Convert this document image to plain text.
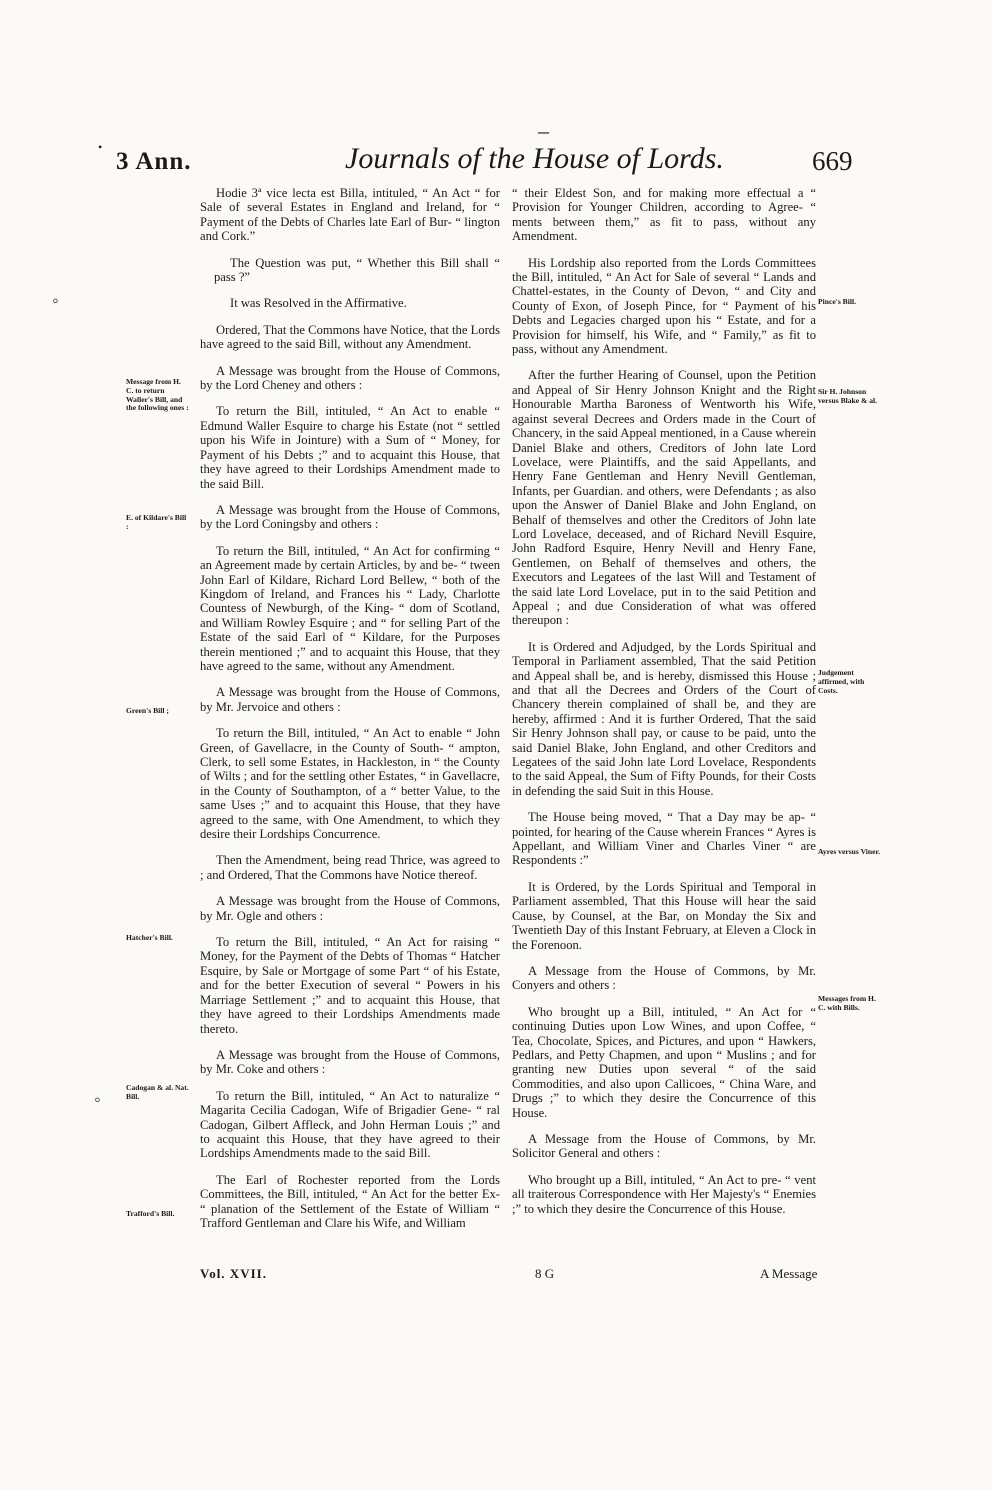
–
•
3 Ann.	Journals of the House of Lords.	669

Hodie 3ª vice lecta est Billa, intituled, “ An Act “ for Sale of several Estates in England and Ireland, for “ Payment of the Debts of Charles late Earl of Bur- “ lington and Cork.”

The Question was put, “ Whether this Bill shall “ pass ?”

It was Resolved in the Affirmative.

Ordered, That the Commons have Notice, that the Lords have agreed to the said Bill, without any Amendment.

A Message was brought from the House of Commons, by the Lord Cheney and others :

To return the Bill, intituled, “ An Act to enable “ Edmund Waller Esquire to charge his Estate (not “ settled upon his Wife in Jointure) with a Sum of “ Money, for Payment of his Debts ;” and to acquaint this House, that they have agreed to their Lordships Amendment made to the said Bill.

A Message was brought from the House of Commons, by the Lord Coningsby and others :

To return the Bill, intituled, “ An Act for confirming “ an Agreement made by certain Articles, by and be- “ tween John Earl of Kildare, Richard Lord Bellew, “ both of the Kingdom of Ireland, and Frances his “ Lady, Charlotte Countess of Newburgh, of the King- “ dom of Scotland, and William Rowley Esquire ; and “ for selling Part of the Estate of the said Earl of “ Kildare, for the Purposes therein mentioned ;” and to acquaint this House, that they have agreed to the same, without any Amendment.

A Message was brought from the House of Commons, by Mr. Jervoice and others :

To return the Bill, intituled, “ An Act to enable “ John Green, of Gavellacre, in the County of South- “ ampton, Clerk, to sell some Estates, in Hackleston, in “ the County of Wilts ; and for the settling other Estates, “ in Gavellacre, in the County of Southampton, of a “ better Value, to the same Uses ;” and to acquaint this House, that they have agreed to the same, with One Amendment, to which they desire their Lordships Concurrence.

Then the Amendment, being read Thrice, was agreed to ; and Ordered, That the Commons have Notice thereof.

A Message was brought from the House of Commons, by Mr. Ogle and others :

To return the Bill, intituled, “ An Act for raising “ Money, for the Payment of the Debts of Thomas “ Hatcher Esquire, by Sale or Mortgage of some Part “ of his Estate, and for the better Execution of several “ Powers in his Marriage Settlement ;” and to acquaint this House, that they have agreed to their Lordships Amendments made thereto.

A Message was brought from the House of Commons, by Mr. Coke and others :

To return the Bill, intituled, “ An Act to naturalize “ Magarita Cecilia Cadogan, Wife of Brigadier Gene- “ ral Cadogan, Gilbert Affleck, and John Herman Louis ;” and to acquaint this House, that they have agreed to their Lordships Amendments made to the said Bill.

The Earl of Rochester reported from the Lords Committees, the Bill, intituled, “ An Act for the better Ex- “ planation of the Settlement of the Estate of William “ Trafford Gentleman and Clare his Wife, and William

“ their Eldest Son, and for making more effectual a “ Provision for Younger Children, according to Agree- “ ments between them,” as fit to pass, without any Amendment.

His Lordship also reported from the Lords Committees the Bill, intituled, “ An Act for Sale of several “ Lands and Chattel-estates, in the County of Devon, “ and City and County of Exon, of Joseph Pince, for “ Payment of his Debts and Legacies charged upon his “ Estate, and for a Provision for himself, his Wife, and “ Family,” as fit to pass, without any Amendment.

After the further Hearing of Counsel, upon the Petition and Appeal of Sir Henry Johnson Knight and the Right Honourable Martha Baroness of Wentworth his Wife, against several Decrees and Orders made in the Court of Chancery, in the said Appeal mentioned, in a Cause wherein Daniel Blake and others, Creditors of John late Lord Lovelace, were Plaintiffs, and the said Appellants, and Henry Fane Gentleman and Henry Nevill Gentleman, Infants, per Guardian. and others, were Defendants ; as also upon the Answer of Daniel Blake and John England, on Behalf of themselves and other the Creditors of John late Lord Lovelace, deceased, and of Richard Nevill Esquire, John Radford Esquire, Henry Nevill and Henry Fane, Gentlemen, on Behalf of themselves and others, the Executors and Legatees of the last Will and Testament of the said late Lord Lovelace, put in to the said Petition and Appeal ; and due Consideration of what was offered thereupon :

It is Ordered and Adjudged, by the Lords Spiritual and Temporal in Parliament assembled, That the said Petition and Appeal shall be, and is hereby, dismissed this House ; and that all the Decrees and Orders of the Court of Chancery therein complained of shall be, and they are hereby, affirmed : And it is further Ordered, That the said Sir Henry Johnson shall pay, or cause to be paid, unto the said Daniel Blake, John England, and other Creditors and Legatees of the said John late Lord Lovelace, Respondents to the said Appeal, the Sum of Fifty Pounds, for their Costs in defending the said Suit in this House.

The House being moved, “ That a Day may be ap- “ pointed, for hearing of the Cause wherein Frances “ Ayres is Appellant, and William Viner and Charles Viner “ are Respondents :”

It is Ordered, by the Lords Spiritual and Temporal in Parliament assembled, That this House will hear the said Cause, by Counsel, at the Bar, on Monday the Six and Twentieth Day of this Instant February, at Eleven a Clock in the Forenoon.

A Message from the House of Commons, by Mr. Conyers and others :

Who brought up a Bill, intituled, “ An Act for “ continuing Duties upon Low Wines, and upon Coffee, “ Tea, Chocolate, Spices, and Pictures, and upon “ Hawkers, Pedlars, and Petty Chapmen, and upon “ Muslins ; and for granting new Duties upon several “ of the said Commodities, and also upon Callicoes, “ China Ware, and Drugs ;” to which they desire the Concurrence of this House.

A Message from the House of Commons, by Mr. Solicitor General and others :

Who brought up a Bill, intituled, “ An Act to pre- “ vent all traiterous Correspondence with Her Majesty's “ Enemies ;” to which they desire the Concurrence of this House.

Message from H. C. to return Waller's Bill, and the following ones :
E. of Kildare's Bill :
Green's Bill ;
Hatcher's Bill.
Cadogan & al. Nat. Bill.
Trafford's Bill.
Pince's Bill.
Sir H. Johnson versus Blake & al.
Judgement affirmed, with Costs.
Ayres versus Viner.
Messages from H. C. with Bills.
⸰
⸰
Vol. XVII.	8 G	A Message
